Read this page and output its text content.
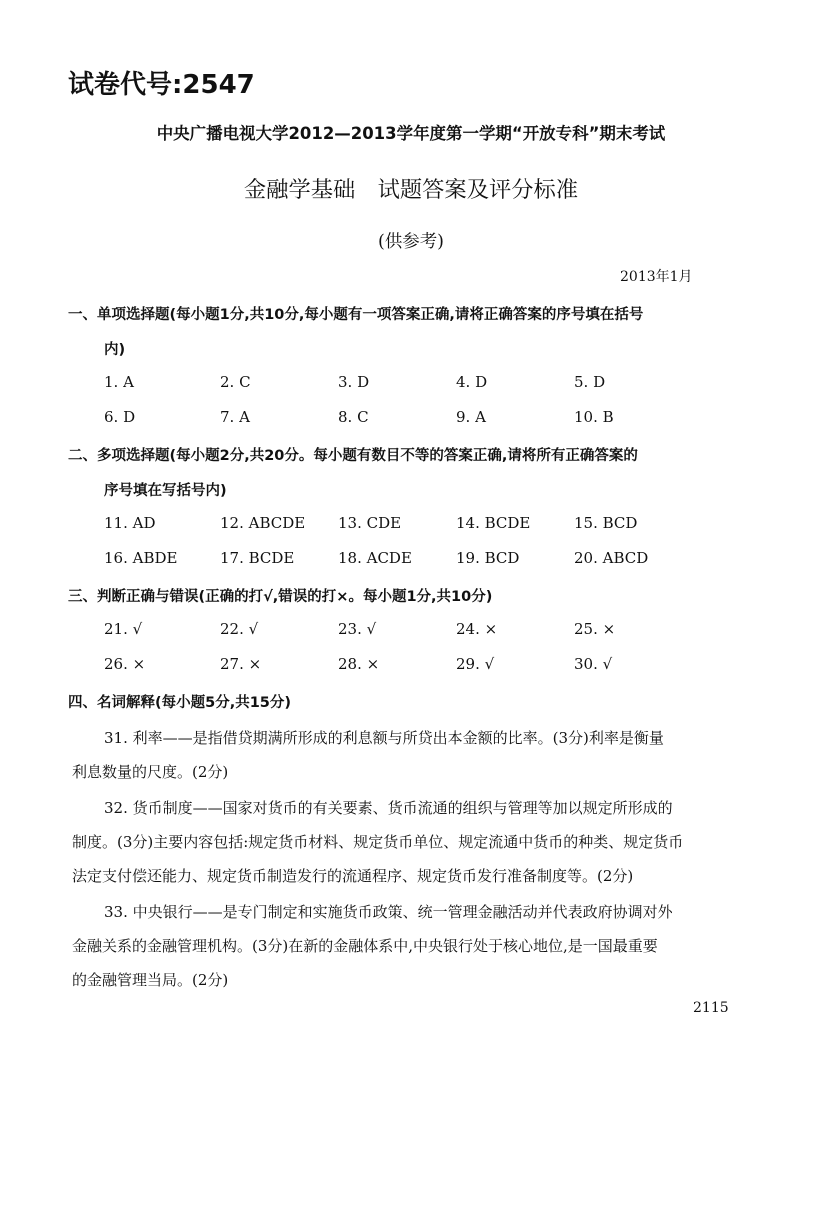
试卷代号:2547
中央广播电视大学2012—2013学年度第一学期“开放专科”期末考试
金融学基础　试题答案及评分标准
(供参考)
2013年1月
一、单项选择题(每小题1分,共10分,每小题有一项答案正确,请将正确答案的序号填在括号
内)
1. A	2. C	3. D	4. D	5. D
6. D	7. A	8. C	9. A	10. B
二、多项选择题(每小题2分,共20分。每小题有数目不等的答案正确,请将所有正确答案的
序号填在写括号内)
11. AD	12. ABCDE 13. CDE	14. BCDE	15. BCD
16. ABDE	17. BCDE	18. ACDE	19. BCD	20. ABCD
三、判断正确与错误(正确的打√,错误的打×。每小题1分,共10分)
21. √	22. √	23. √	24. ×	25. ×
26. ×	27. ×	28. ×	29. √	30. √
四、名词解释(每小题5分,共15分)
31. 利率——是指借贷期满所形成的利息额与所贷出本金额的比率。(3分)利率是衡量
利息数量的尺度。(2分)
32. 货币制度——国家对货币的有关要素、货币流通的组织与管理等加以规定所形成的
制度。(3分)主要内容包括:规定货币材料、规定货币单位、规定流通中货币的种类、规定货币
法定支付偿还能力、规定货币制造发行的流通程序、规定货币发行准备制度等。(2分)
33. 中央银行——是专门制定和实施货币政策、统一管理金融活动并代表政府协调对外
金融关系的金融管理机构。(3分)在新的金融体系中,中央银行处于核心地位,是一国最重要
的金融管理当局。(2分)
2115
